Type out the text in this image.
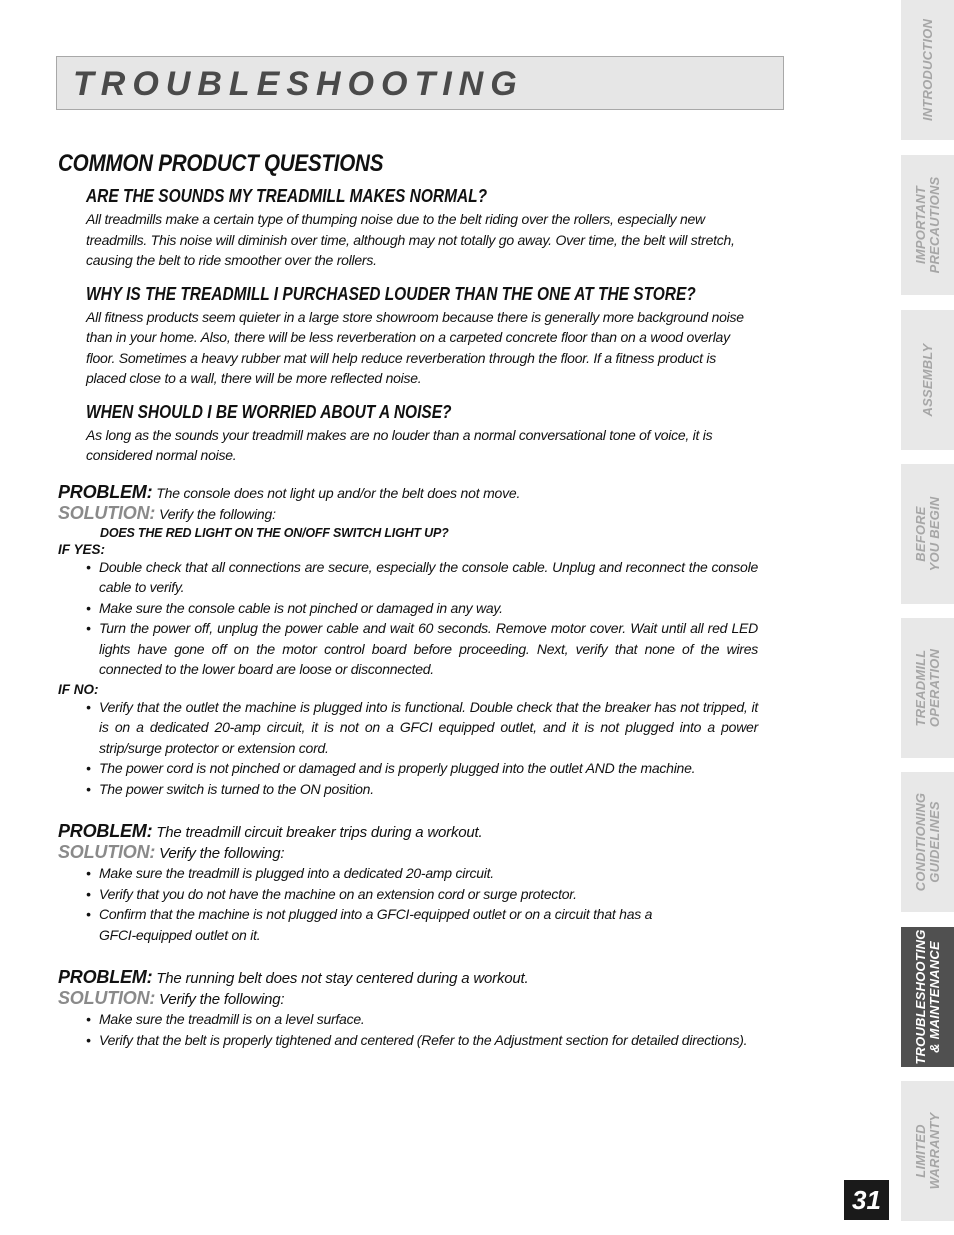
TROUBLESHOOTING
COMMON PRODUCT QUESTIONS
ARE THE SOUNDS MY TREADMILL MAKES NORMAL?

All treadmills make a certain type of thumping noise due to the belt riding over the rollers, especially new treadmills. This noise will diminish over time, although may not totally go away. Over time, the belt will stretch, causing the belt to ride smoother over the rollers.

WHY IS THE TREADMILL I PURCHASED LOUDER THAN THE ONE AT THE STORE?

All fitness products seem quieter in a large store showroom because there is generally more background noise than in your home. Also, there will be less reverberation on a carpeted concrete floor than on a wood overlay floor. Sometimes a heavy rubber mat will help reduce reverberation through the floor. If a fitness product is placed close to a wall, there will be more reflected noise.

WHEN SHOULD I BE WORRIED ABOUT A NOISE?

As long as the sounds your treadmill makes are no louder than a normal conversational tone of voice, it is considered normal noise.

PROBLEM: The console does not light up and/or the belt does not move.
SOLUTION: Verify the following:
DOES THE RED LIGHT ON THE ON/OFF SWITCH LIGHT UP?
IF YES:
• Double check that all connections are secure, especially the console cable. Unplug and reconnect the console cable to verify.
• Make sure the console cable is not pinched or damaged in any way.
• Turn the power off, unplug the power cable and wait 60 seconds. Remove motor cover. Wait until all red LED lights have gone off on the motor control board before proceeding. Next, verify that none of the wires connected to the lower board are loose or disconnected.
IF NO:
• Verify that the outlet the machine is plugged into is functional. Double check that the breaker has not tripped, it is on a dedicated 20-amp circuit, it is not on a GFCI equipped outlet, and it is not plugged into a power strip/surge protector or extension cord.
• The power cord is not pinched or damaged and is properly plugged into the outlet AND the machine.
• The power switch is turned to the ON position.
PROBLEM: The treadmill circuit breaker trips during a workout.
SOLUTION: Verify the following:
• Make sure the treadmill is plugged into a dedicated 20-amp circuit.
• Verify that you do not have the machine on an extension cord or surge protector.
• Confirm that the machine is not plugged into a GFCI-equipped outlet or on a circuit that has a GFCI-equipped outlet on it.
PROBLEM: The running belt does not stay centered during a workout.
SOLUTION: Verify the following:
• Make sure the treadmill is on a level surface.
• Verify that the belt is properly tightened and centered (Refer to the Adjustment section for detailed directions).
INTRODUCTION
IMPORTANT PRECAUTIONS
ASSEMBLY
BEFORE YOU BEGIN
TREADMILL OPERATION
CONDITIONING GUIDELINES
TROUBLESHOOTING & MAINTENANCE
LIMITED WARRANTY
31
